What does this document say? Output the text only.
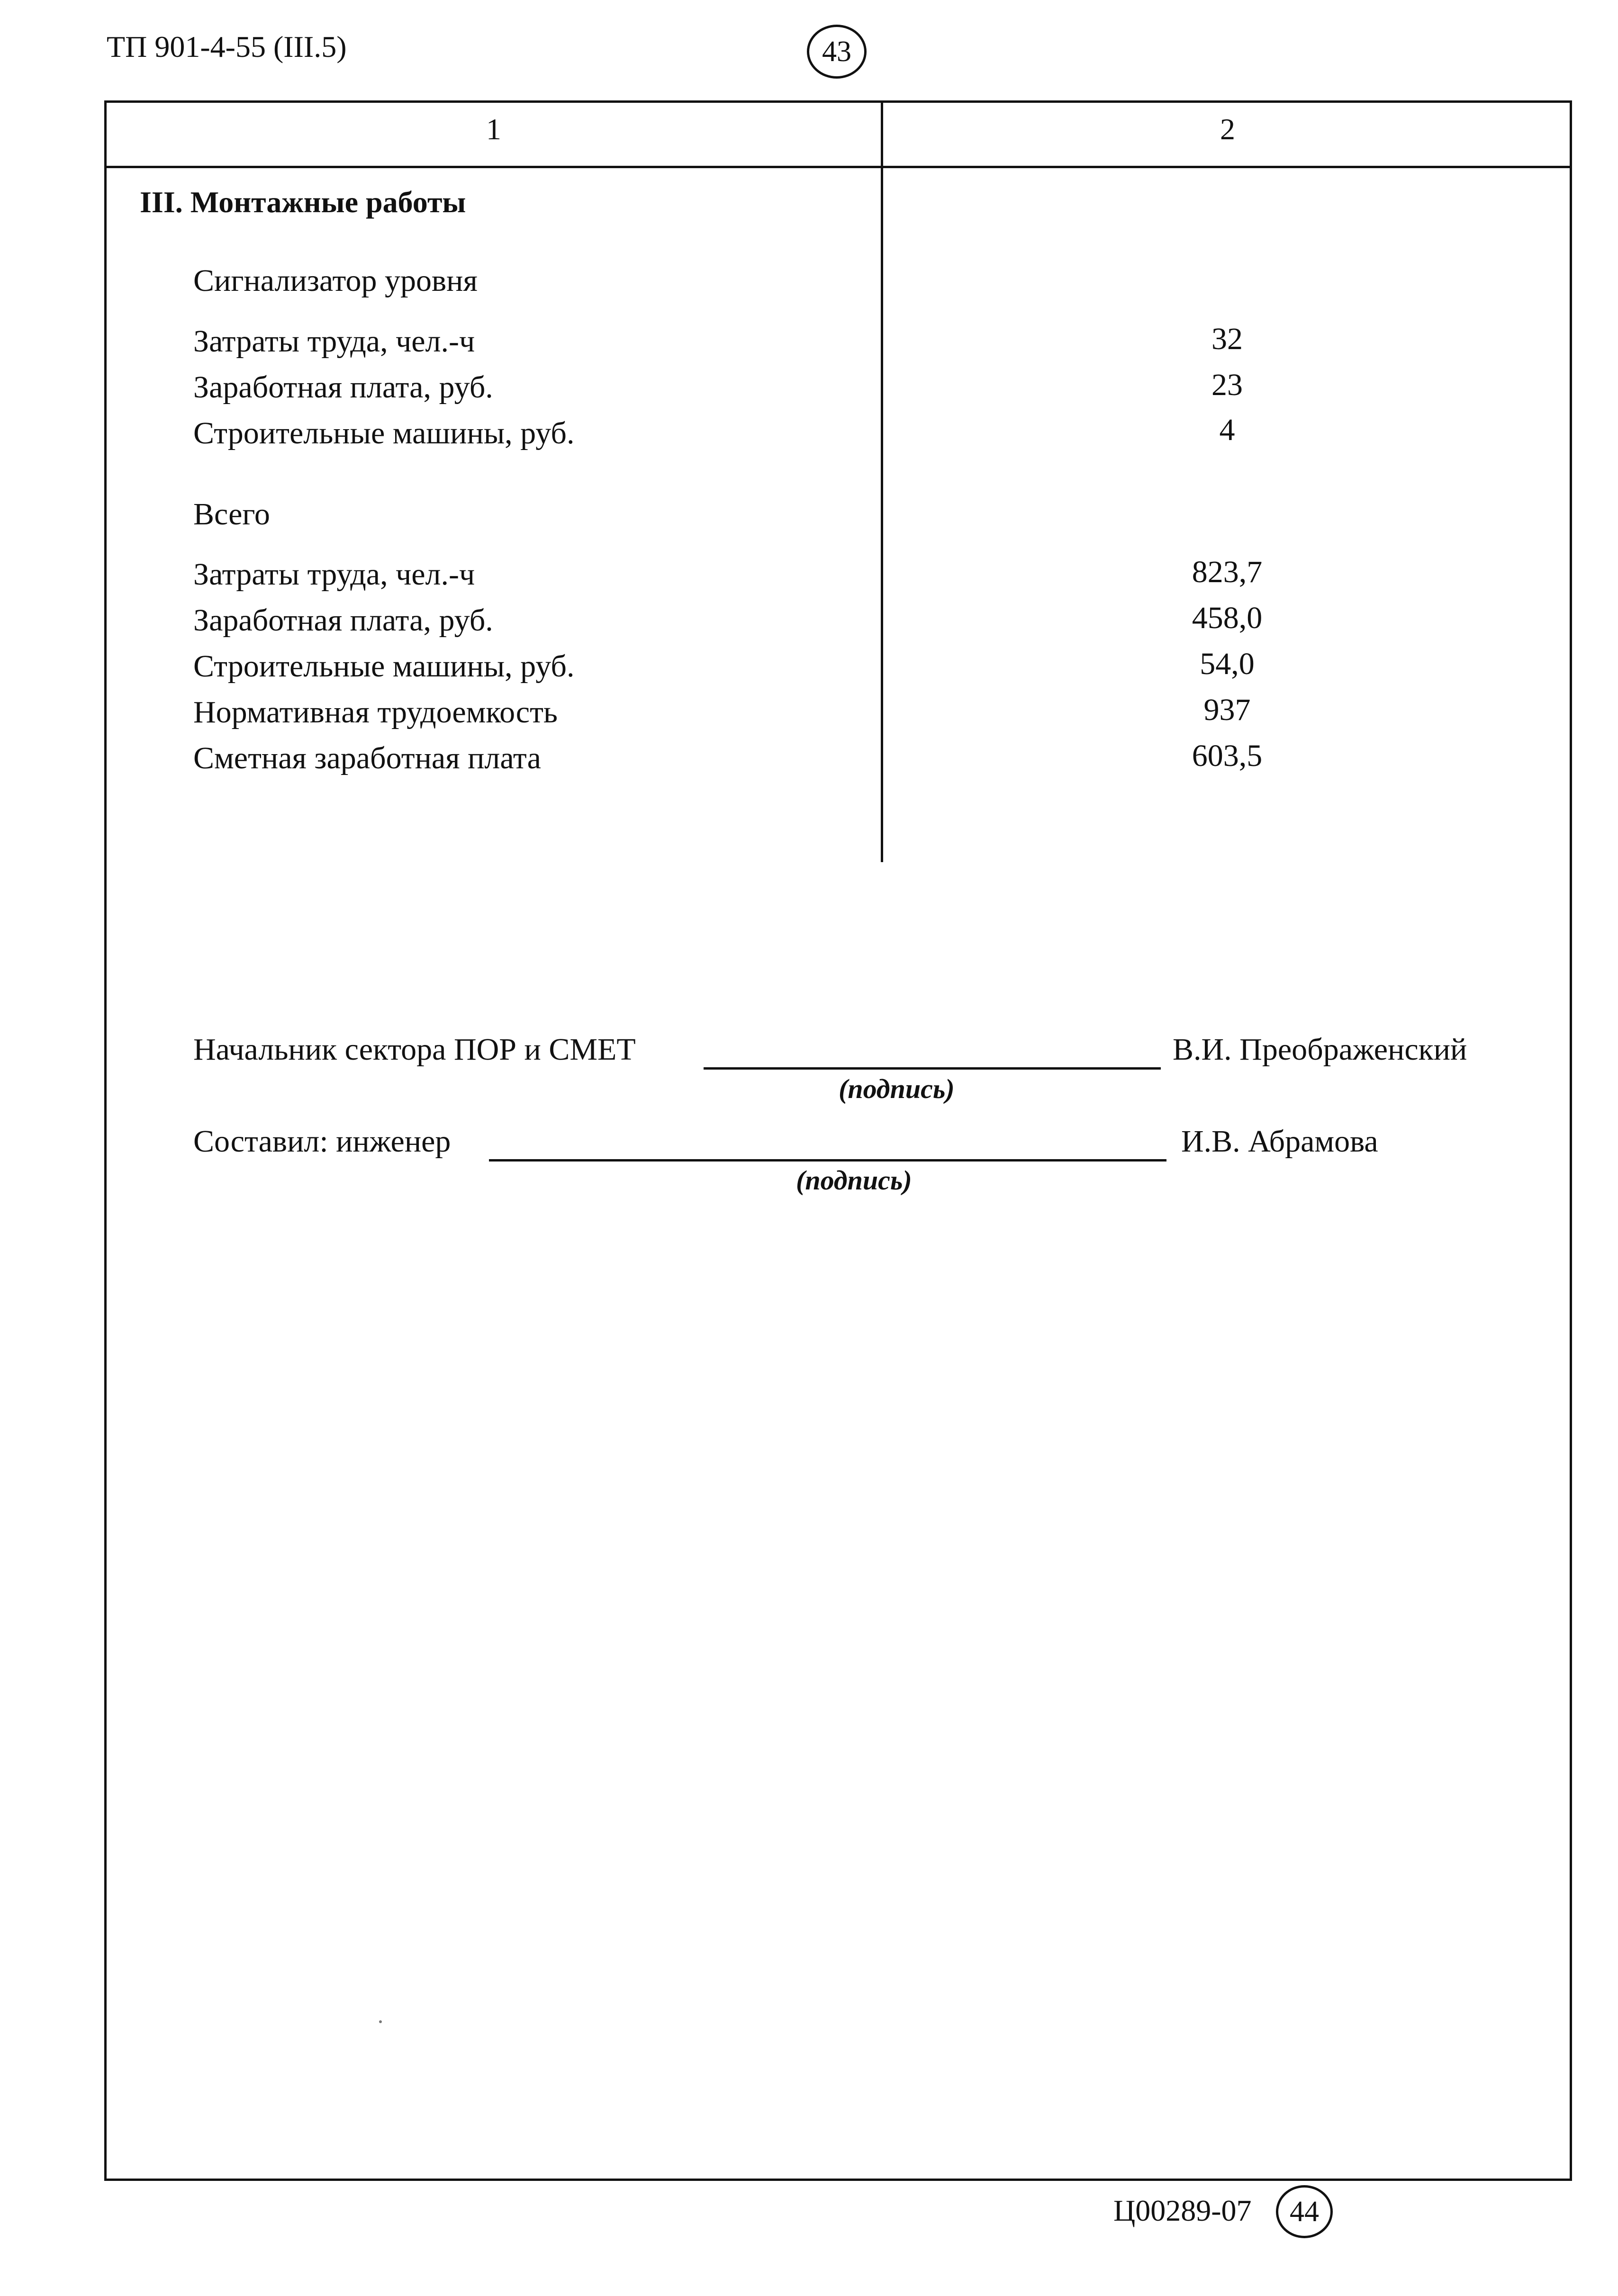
ТП 901-4-55 (III.5)	43
1	2
III. Монтажные работы
Сигнализатор уровня
Затраты труда, чел.-ч	32
Заработная плата, руб.	23
Строительные машины, руб.	4
Всего
Затраты труда, чел.-ч	823,7
Заработная плата, руб.	458,0
Строительные машины, руб.	54,0
Нормативная трудоемкость	937
Сметная заработная плата	603,5
Начальник сектора ПОР и СМЕТ
(подпись)
В.И. Преображенский
Составил: инженер
(подпись)
И.В. Абрамова
Ц00289-07	44
